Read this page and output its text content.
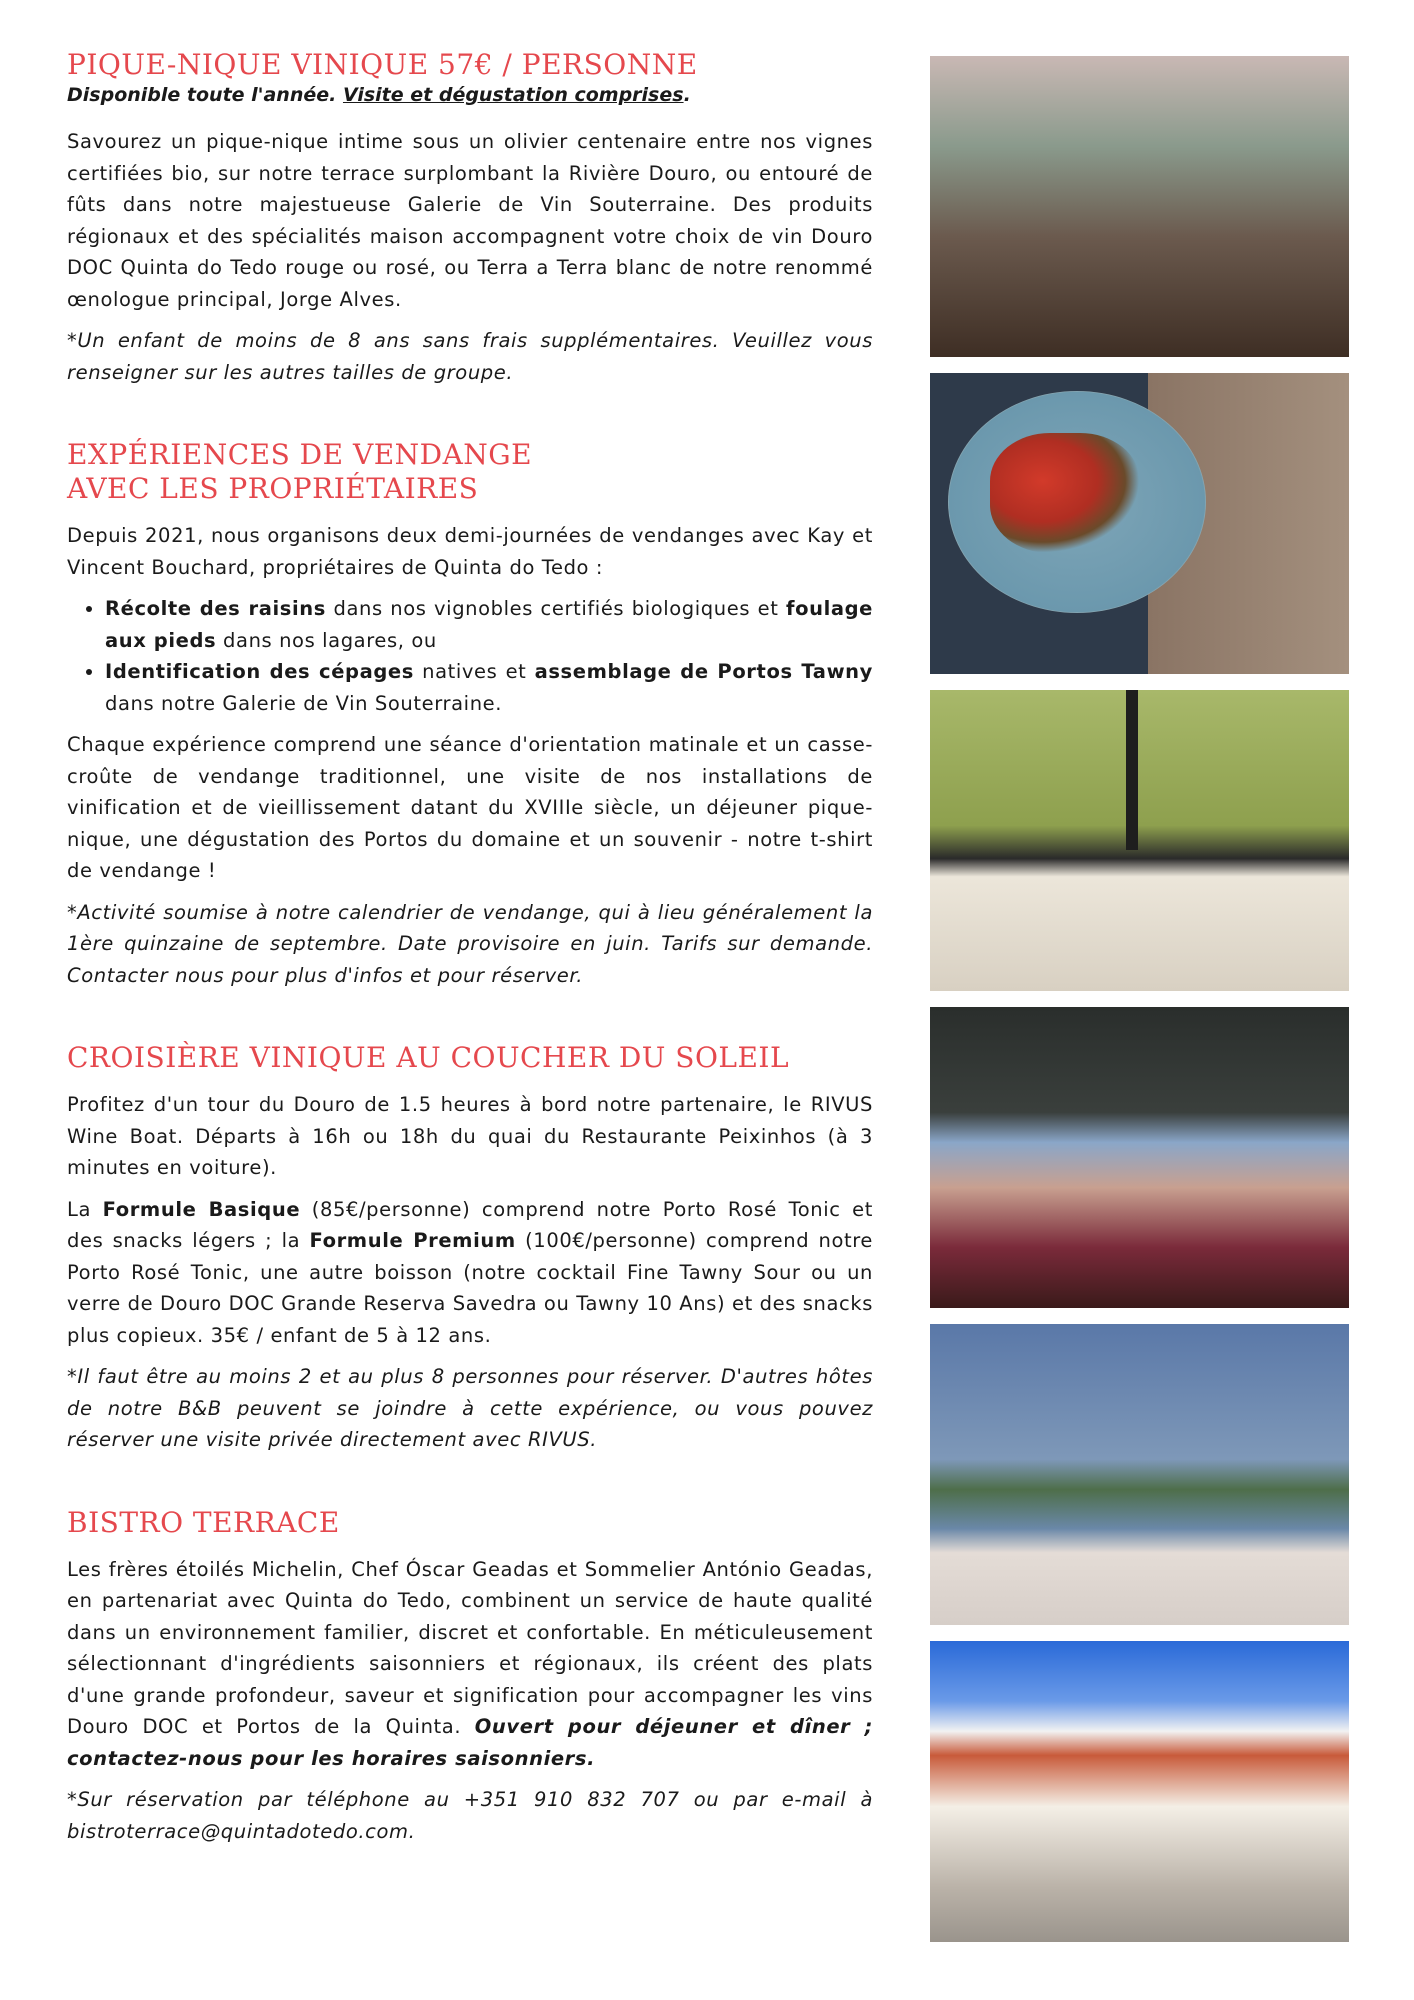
PIQUE-NIQUE VINIQUE 57€ / PERSONNE
Disponible toute l'année. Visite et dégustation comprises.

Savourez un pique-nique intime sous un olivier centenaire entre nos vignes certifiées bio, sur notre terrace surplombant la Rivière Douro, ou entouré de fûts dans notre majestueuse Galerie de Vin Souterraine. Des produits régionaux et des spécialités maison accompagnent votre choix de vin Douro DOC Quinta do Tedo rouge ou rosé, ou Terra a Terra blanc de notre renommé œnologue principal, Jorge Alves.

*Un enfant de moins de 8 ans sans frais supplémentaires. Veuillez vous renseigner sur les autres tailles de groupe.

EXPÉRIENCES DE VENDANGE
AVEC LES PROPRIÉTAIRES

Depuis 2021, nous organisons deux demi-journées de vendanges avec Kay et Vincent Bouchard, propriétaires de Quinta do Tedo :

• Récolte des raisins dans nos vignobles certifiés biologiques et foulage aux pieds dans nos lagares, ou
• Identification des cépages natives et assemblage de Portos Tawny dans notre Galerie de Vin Souterraine.

Chaque expérience comprend une séance d'orientation matinale et un casse-croûte de vendange traditionnel, une visite de nos installations de vinification et de vieillissement datant du XVIIIe siècle, un déjeuner pique-nique, une dégustation des Portos du domaine et un souvenir - notre t-shirt de vendange !

*Activité soumise à notre calendrier de vendange, qui à lieu généralement la 1ère quinzaine de septembre. Date provisoire en juin. Tarifs sur demande. Contacter nous pour plus d'infos et pour réserver.

CROISIÈRE VINIQUE AU COUCHER DU SOLEIL

Profitez d'un tour du Douro de 1.5 heures à bord notre partenaire, le RIVUS Wine Boat. Départs à 16h ou 18h du quai du Restaurante Peixinhos (à 3 minutes en voiture).

La Formule Basique (85€/personne) comprend notre Porto Rosé Tonic et des snacks légers ; la Formule Premium (100€/personne) comprend notre Porto Rosé Tonic, une autre boisson (notre cocktail Fine Tawny Sour ou un verre de Douro DOC Grande Reserva Savedra ou Tawny 10 Ans) et des snacks plus copieux. 35€ / enfant de 5 à 12 ans.

*Il faut être au moins 2 et au plus 8 personnes pour réserver. D'autres hôtes de notre B&B peuvent se joindre à cette expérience, ou vous pouvez réserver une visite privée directement avec RIVUS.

BISTRO TERRACE

Les frères étoilés Michelin, Chef Óscar Geadas et Sommelier António Geadas, en partenariat avec Quinta do Tedo, combinent un service de haute qualité dans un environnement familier, discret et confortable. En méticuleusement sélectionnant d'ingrédients saisonniers et régionaux, ils créent des plats d'une grande profondeur, saveur et signification pour accompagner les vins Douro DOC et Portos de la Quinta. Ouvert pour déjeuner et dîner ; contactez-nous pour les horaires saisonniers.

*Sur réservation par téléphone au +351 910 832 707 ou par e-mail à bistroterrace@quintadotedo.com.
